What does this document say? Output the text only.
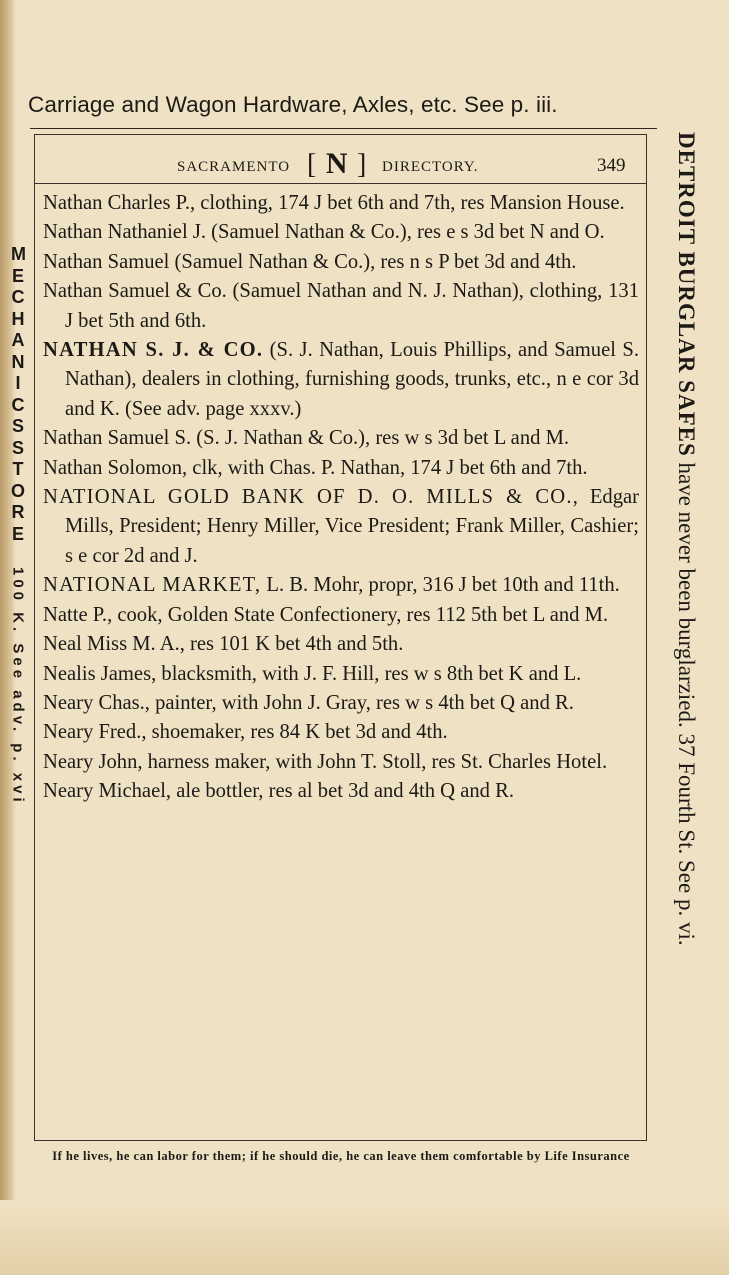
Carriage and Wagon Hardware, Axles, etc. See p. iii.
MECHANICS STORE
100 K. See adv. p. xvi
SACRAMENTO [ N ] DIRECTORY.	349
Nathan Charles P., clothing, 174 J bet 6th and 7th, res Mansion House.
Nathan Nathaniel J. (Samuel Nathan & Co.), res e s 3d bet N and O.
Nathan Samuel (Samuel Nathan & Co.), res n s P bet 3d and 4th.
Nathan Samuel & Co. (Samuel Nathan and N. J. Nathan), clothing, 131 J bet 5th and 6th.
NATHAN S. J. & CO. (S. J. Nathan, Louis Phillips, and Samuel S. Nathan), dealers in clothing, furnishing goods, trunks, etc., n e cor 3d and K. (See adv. page xxxv.)
Nathan Samuel S. (S. J. Nathan & Co.), res w s 3d bet L and M.
Nathan Solomon, clk, with Chas. P. Nathan, 174 J bet 6th and 7th.
NATIONAL GOLD BANK OF D. O. MILLS & CO., Edgar Mills, President; Henry Miller, Vice President; Frank Miller, Cashier; s e cor 2d and J.
NATIONAL MARKET, L. B. Mohr, propr, 316 J bet 10th and 11th.
Natte P., cook, Golden State Confectionery, res 112 5th bet L and M.
Neal Miss M. A., res 101 K bet 4th and 5th.
Nealis James, blacksmith, with J. F. Hill, res w s 8th bet K and L.
Neary Chas., painter, with John J. Gray, res w s 4th bet Q and R.
Neary Fred., shoemaker, res 84 K bet 3d and 4th.
Neary John, harness maker, with John T. Stoll, res St. Charles Hotel.
Neary Michael, ale bottler, res al bet 3d and 4th Q and R.
DETROIT BURGLAR SAFES have never been burglarzied. 37 Fourth St. See p. vi.
If he lives, he can labor for them; if he should die, he can leave them comfortable by Life Insurance
